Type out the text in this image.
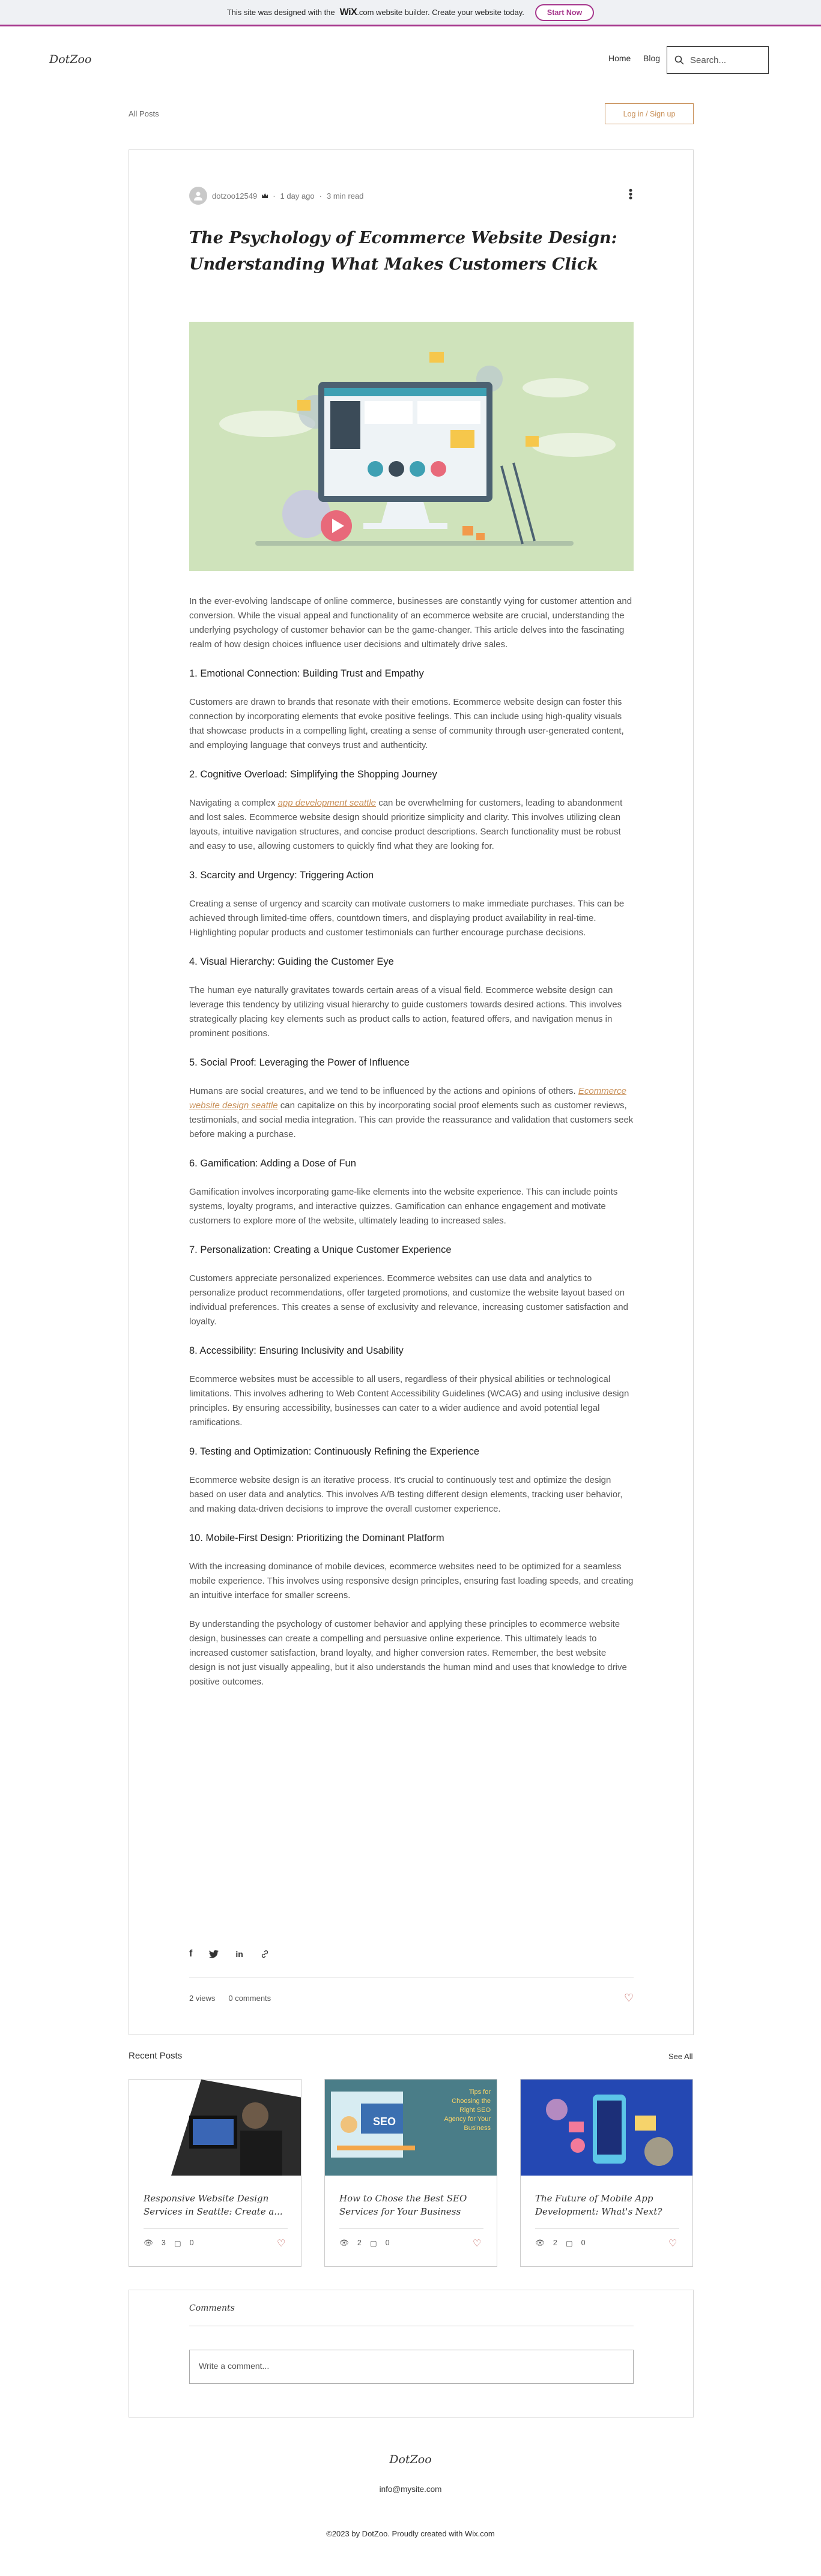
This site was designed with the WiX .com website builder. Create your website today.	Start Now
DotZoo	Home Blog	Search...
All Posts	Log in / Sign up
dotzoo12549 · 1 day ago · 3 min read	•••
The Psychology of Ecommerce Website Design: Understanding What Makes Customers Click

In the ever-evolving landscape of online commerce, businesses are constantly vying for customer attention and conversion. While the visual appeal and functionality of an ecommerce website are crucial, understanding the underlying psychology of customer behavior can be the game-changer. This article delves into the fascinating realm of how design choices influence user decisions and ultimately drive sales.

1. Emotional Connection: Building Trust and Empathy

Customers are drawn to brands that resonate with their emotions. Ecommerce website design can foster this connection by incorporating elements that evoke positive feelings. This can include using high-quality visuals that showcase products in a compelling light, creating a sense of community through user-generated content, and employing language that conveys trust and authenticity.

2. Cognitive Overload: Simplifying the Shopping Journey

Navigating a complex app development seattle can be overwhelming for customers, leading to abandonment and lost sales. Ecommerce website design should prioritize simplicity and clarity. This involves utilizing clean layouts, intuitive navigation structures, and concise product descriptions. Search functionality must be robust and easy to use, allowing customers to quickly find what they are looking for.

3. Scarcity and Urgency: Triggering Action

Creating a sense of urgency and scarcity can motivate customers to make immediate purchases. This can be achieved through limited-time offers, countdown timers, and displaying product availability in real-time. Highlighting popular products and customer testimonials can further encourage purchase decisions.

4. Visual Hierarchy: Guiding the Customer Eye

The human eye naturally gravitates towards certain areas of a visual field. Ecommerce website design can leverage this tendency by utilizing visual hierarchy to guide customers towards desired actions. This involves strategically placing key elements such as product calls to action, featured offers, and navigation menus in prominent positions.

5. Social Proof: Leveraging the Power of Influence

Humans are social creatures, and we tend to be influenced by the actions and opinions of others. Ecommerce website design seattle can capitalize on this by incorporating social proof elements such as customer reviews, testimonials, and social media integration. This can provide the reassurance and validation that customers seek before making a purchase.

6. Gamification: Adding a Dose of Fun

Gamification involves incorporating game-like elements into the website experience. This can include points systems, loyalty programs, and interactive quizzes. Gamification can enhance engagement and motivate customers to explore more of the website, ultimately leading to increased sales.

7. Personalization: Creating a Unique Customer Experience

Customers appreciate personalized experiences. Ecommerce websites can use data and analytics to personalize product recommendations, offer targeted promotions, and customize the website layout based on individual preferences. This creates a sense of exclusivity and relevance, increasing customer satisfaction and loyalty.

8. Accessibility: Ensuring Inclusivity and Usability

Ecommerce websites must be accessible to all users, regardless of their physical abilities or technological limitations. This involves adhering to Web Content Accessibility Guidelines (WCAG) and using inclusive design principles. By ensuring accessibility, businesses can cater to a wider audience and avoid potential legal ramifications.

9. Testing and Optimization: Continuously Refining the Experience

Ecommerce website design is an iterative process. It's crucial to continuously test and optimize the design based on user data and analytics. This involves A/B testing different design elements, tracking user behavior, and making data-driven decisions to improve the overall customer experience.

10. Mobile-First Design: Prioritizing the Dominant Platform

With the increasing dominance of mobile devices, ecommerce websites need to be optimized for a seamless mobile experience. This involves using responsive design principles, ensuring fast loading speeds, and creating an intuitive interface for smaller screens.

By understanding the psychology of customer behavior and applying these principles to ecommerce website design, businesses can create a compelling and persuasive online experience. This ultimately leads to increased customer satisfaction, brand loyalty, and higher conversion rates. Remember, the best website design is not just visually appealing, but it also understands the human mind and uses that knowledge to drive positive outcomes.

f	in
2 views 0 comments	♡
Recent Posts	See All
Responsive Website Design Services in Seattle: Create a...
👁 3 ▢ 0	♡
SEO
Tips for Choosing the Right SEO Agency for Your Business
How to Chose the Best SEO Services for Your Business
👁 2 ▢ 0	♡
The Future of Mobile App Development: What's Next?
👁 2 ▢ 0	♡
Comments
Write a comment...
DotZoo
info@mysite.com
©2023 by DotZoo. Proudly created with Wix.com
